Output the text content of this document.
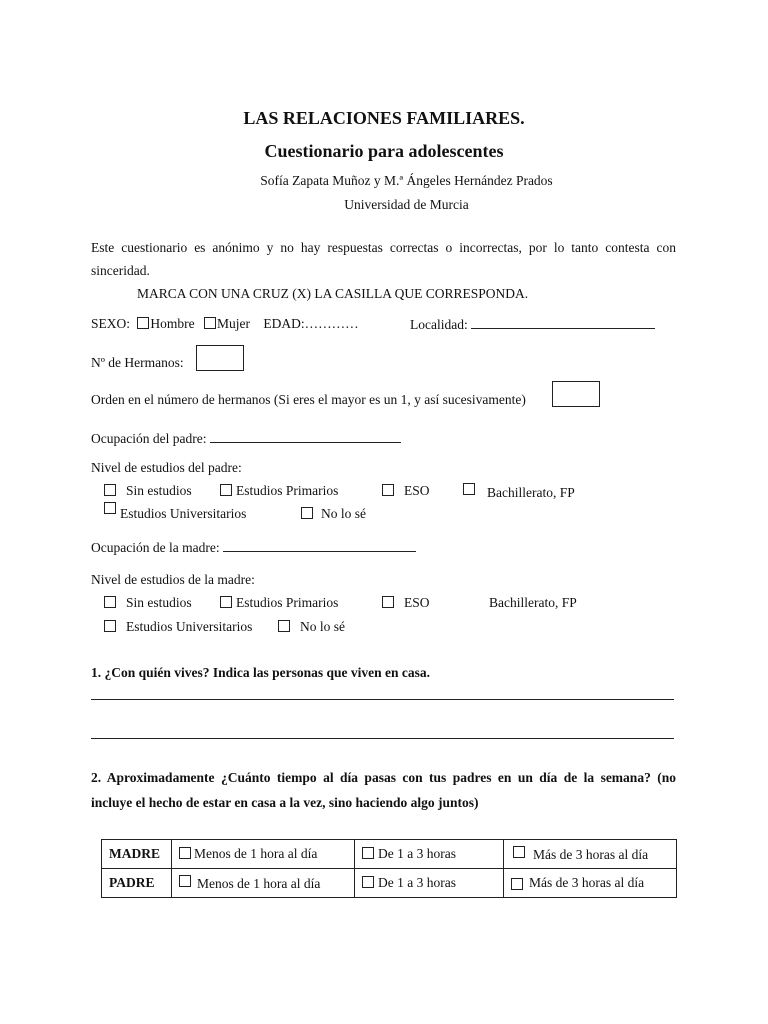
LAS RELACIONES FAMILIARES.
Cuestionario para adolescentes
Sofía Zapata Muñoz y M.ª Ángeles Hernández Prados
Universidad de Murcia
Este cuestionario es anónimo y no hay respuestas correctas o incorrectas, por lo tanto contesta con
sinceridad.
MARCA CON UNA CRUZ (X) LA CASILLA QUE CORRESPONDA.
SEXO: Hombre Mujer EDAD:…………	Localidad:
Nº de Hermanos:
Orden en el número de hermanos (Si eres el mayor es un 1, y así sucesivamente)
Ocupación del padre:
Nivel de estudios del padre:
Sin estudios	Estudios Primarios	ESO	Bachillerato, FP
Estudios Universitarios	No lo sé
Ocupación de la madre:
Nivel de estudios de la madre:
Sin estudios	Estudios Primarios	ESO	Bachillerato, FP
Estudios Universitarios	No lo sé
1. ¿Con quién vives? Indica las personas que viven en casa.
2. Aproximadamente ¿Cuánto tiempo al día pasas con tus padres en un día de la semana? (no
incluye el hecho de estar en casa a la vez, sino haciendo algo juntos)
MADRE	Menos de 1 hora al día	De 1 a 3 horas	Más de 3 horas al día
PADRE	Menos de 1 hora al día	De 1 a 3 horas	Más de 3 horas al día
